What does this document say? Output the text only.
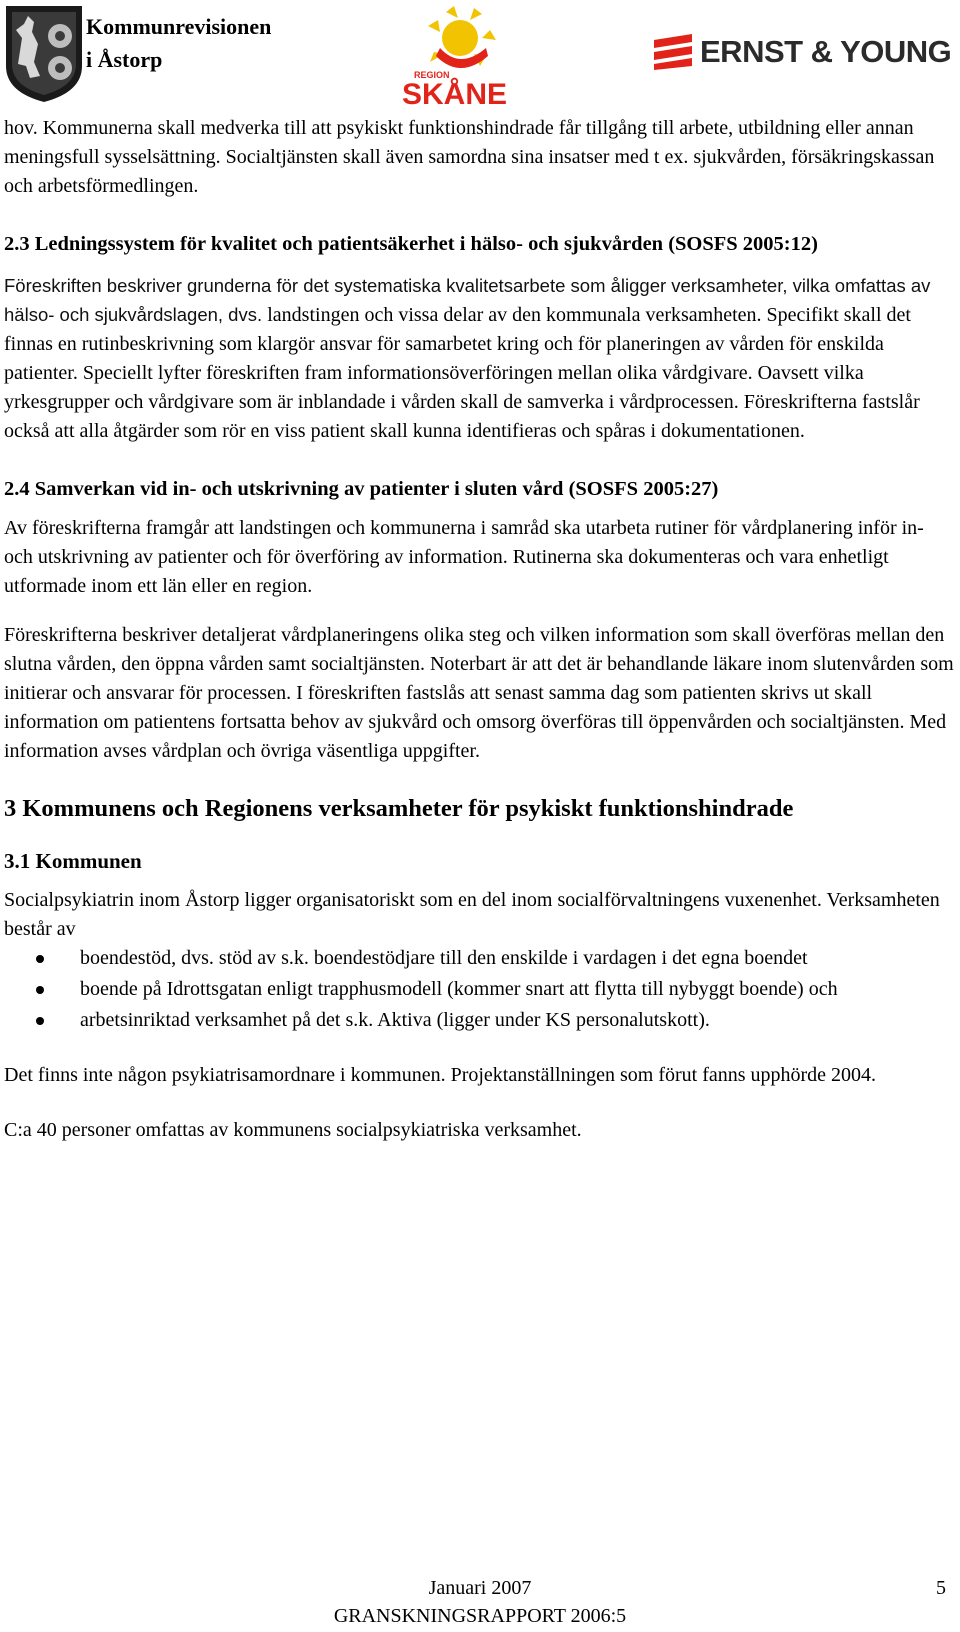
Kommunrevisionen
i Åstorp
REGION
SKÅNE
ERNST & YOUNG

hov. Kommunerna skall medverka till att psykiskt funktionshindrade får tillgång till arbete, utbildning eller annan meningsfull sysselsättning. Socialtjänsten skall även samordna sina insatser med t ex. sjukvården, försäkringskassan och arbetsförmedlingen.

2.3 Ledningssystem för kvalitet och patientsäkerhet i hälso- och sjukvården (SOSFS 2005:12)

Föreskriften beskriver grunderna för det systematiska kvalitetsarbete som åligger verksamheter, vilka omfattas av hälso- och sjukvårdslagen, dvs. landstingen och vissa delar av den kommunala verksamheten. Specifikt skall det finnas en rutinbeskrivning som klargör ansvar för samarbetet kring och för planeringen av vården för enskilda patienter. Speciellt lyfter föreskriften fram informationsöverföringen mellan olika vårdgivare. Oavsett vilka yrkesgrupper och vårdgivare som är inblandade i vården skall de samverka i vårdprocessen. Föreskrifterna fastslår också att alla åtgärder som rör en viss patient skall kunna identifieras och spåras i dokumentationen.

2.4 Samverkan vid in- och utskrivning av patienter i sluten vård (SOSFS 2005:27)

Av föreskrifterna framgår att landstingen och kommunerna i samråd ska utarbeta rutiner för vårdplanering inför in- och utskrivning av patienter och för överföring av information. Rutinerna ska dokumenteras och vara enhetligt utformade inom ett län eller en region.

Föreskrifterna beskriver detaljerat vårdplaneringens olika steg och vilken information som skall överföras mellan den slutna vården, den öppna vården samt socialtjänsten. Noterbart är att det är behandlande läkare inom slutenvården som initierar och ansvarar för processen. I föreskriften fastslås att senast samma dag som patienten skrivs ut skall information om patientens fortsatta behov av sjukvård och omsorg överföras till öppenvården och socialtjänsten. Med information avses vårdplan och övriga väsentliga uppgifter.

3 Kommunens och Regionens verksamheter för psykiskt funktionshindrade

3.1 Kommunen

Socialpsykiatrin inom Åstorp ligger organisatoriskt som en del inom socialförvaltningens vuxenenhet. Verksamheten består av

boendestöd, dvs. stöd av s.k. boendestödjare till den enskilde i vardagen i det egna boendet
boende på Idrottsgatan enligt trapphusmodell (kommer snart att flytta till nybyggt boende) och
arbetsinriktad verksamhet på det s.k. Aktiva (ligger under KS personalutskott).

Det finns inte någon psykiatrisamordnare i kommunen. Projektanställningen som förut fanns upphörde 2004.

C:a 40 personer omfattas av kommunens socialpsykiatriska verksamhet.

Januari 2007
GRANSKNINGSRAPPORT 2006:5
5
